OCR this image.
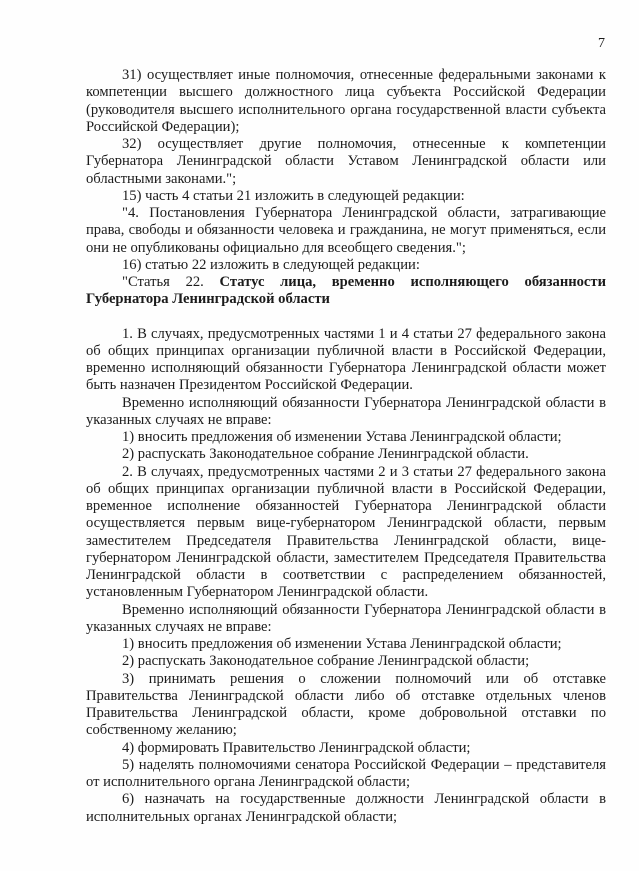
7

31) осуществляет иные полномочия, отнесенные федеральными законами к компетенции высшего должностного лица субъекта Российской Федерации (руководителя высшего исполнительного органа государственной власти субъекта Российской Федерации);

32) осуществляет другие полномочия, отнесенные к компетенции Губернатора Ленинградской области Уставом Ленинградской области или областными законами.";

15) часть 4 статьи 21 изложить в следующей редакции:

"4. Постановления Губернатора Ленинградской области, затрагивающие права, свободы и обязанности человека и гражданина, не могут применяться, если они не опубликованы официально для всеобщего сведения.";

16) статью 22 изложить в следующей редакции:

"Статья 22. Статус лица, временно исполняющего обязанности Губернатора Ленинградской области

1. В случаях, предусмотренных частями 1 и 4 статьи 27 федерального закона об общих принципах организации публичной власти в Российской Федерации, временно исполняющий обязанности Губернатора Ленинградской области может быть назначен Президентом Российской Федерации.

Временно исполняющий обязанности Губернатора Ленинградской области в указанных случаях не вправе:

1) вносить предложения об изменении Устава Ленинградской области;

2) распускать Законодательное собрание Ленинградской области.

2. В случаях, предусмотренных частями 2 и 3 статьи 27 федерального закона об общих принципах организации публичной власти в Российской Федерации, временное исполнение обязанностей Губернатора Ленинградской области осуществляется первым вице-губернатором Ленинградской области, первым заместителем Председателя Правительства Ленинградской области, вице-губернатором Ленинградской области, заместителем Председателя Правительства Ленинградской области в соответствии с распределением обязанностей, установленным Губернатором Ленинградской области.

Временно исполняющий обязанности Губернатора Ленинградской области в указанных случаях не вправе:

1) вносить предложения об изменении Устава Ленинградской области;

2) распускать Законодательное собрание Ленинградской области;

3) принимать решения о сложении полномочий или об отставке Правительства Ленинградской области либо об отставке отдельных членов Правительства Ленинградской области, кроме добровольной отставки по собственному желанию;

4) формировать Правительство Ленинградской области;

5) наделять полномочиями сенатора Российской Федерации – представителя от исполнительного органа Ленинградской области;

6) назначать на государственные должности Ленинградской области в исполнительных органах Ленинградской области;
